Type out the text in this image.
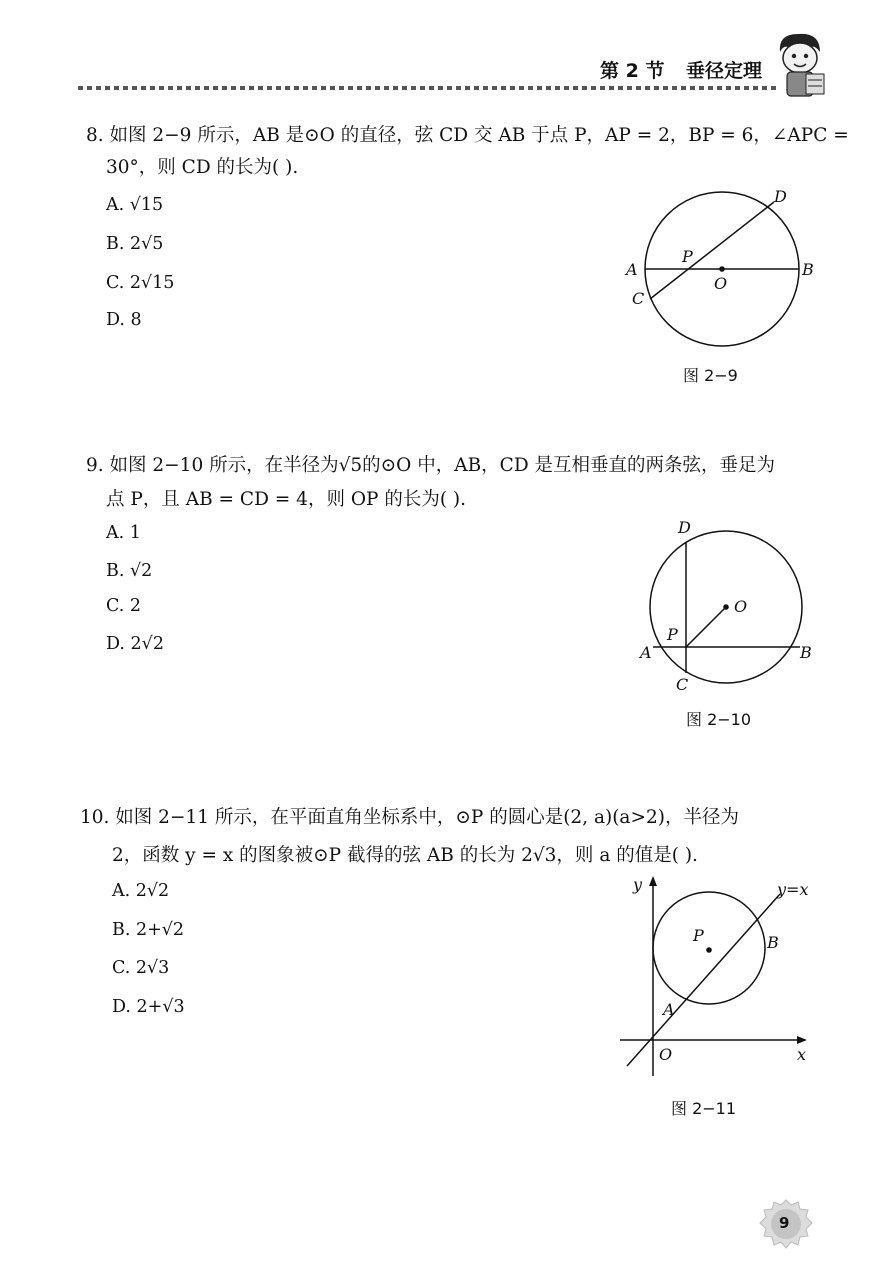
第 2 节 垂径定理
8. 如图 2−9 所示，AB 是⊙O 的直径，弦 CD 交 AB 于点 P，AP = 2，BP = 6，∠APC =
30°，则 CD 的长为( ).
A. √15
B. 2√5
C. 2√15
D. 8
D
P
A	B
O
C
图 2−9
9. 如图 2−10 所示，在半径为√5的⊙O 中，AB，CD 是互相垂直的两条弦，垂足为
点 P，且 AB = CD = 4，则 OP 的长为( ).
A. 1
B. √2
C. 2
D. 2√2
D
O
P
A	B
C
图 2−10
10. 如图 2−11 所示，在平面直角坐标系中，⊙P 的圆心是(2, a)(a>2)，半径为
2，函数 y = x 的图象被⊙P 截得的弦 AB 的长为 2√3，则 a 的值是( ).
A. 2√2
B. 2+√2
C. 2√3
D. 2+√3
y	y=x
P	B
A
O	x
图 2−11
9
